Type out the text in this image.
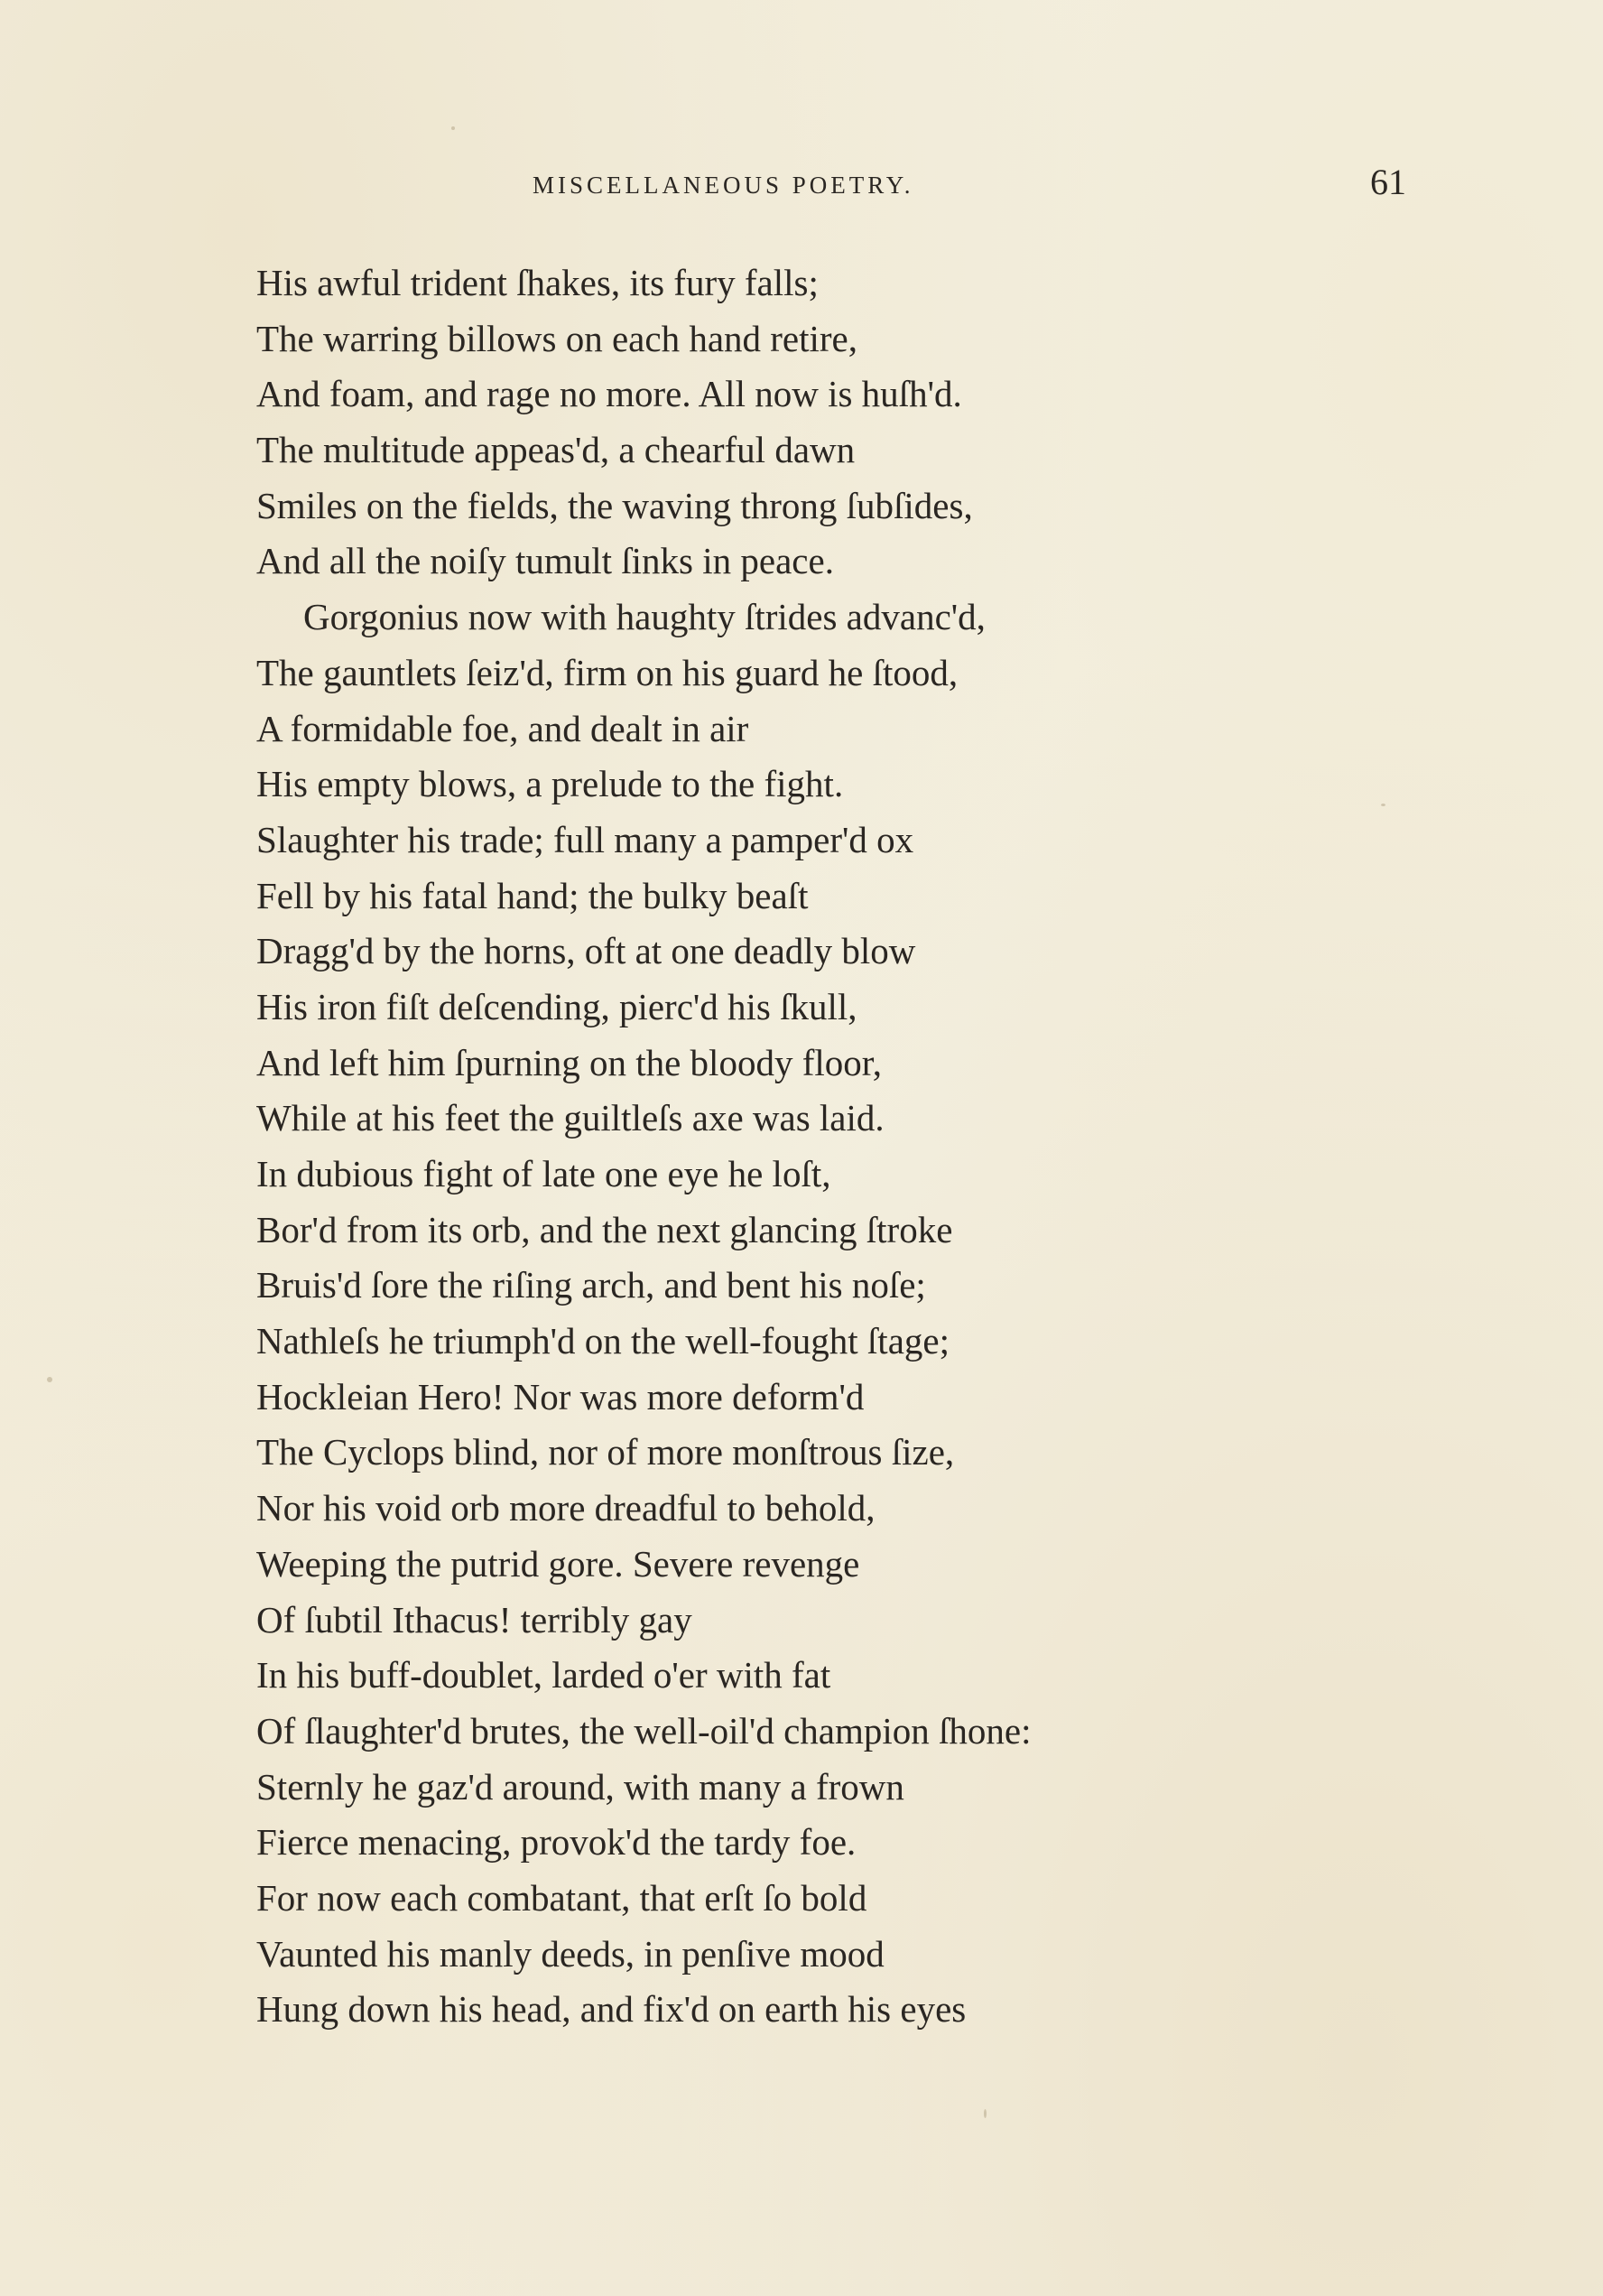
MISCELLANEOUS POETRY.	61
His awful trident ſhakes, its fury falls;
The warring billows on each hand retire,
And foam, and rage no more. All now is huſh'd.
The multitude appeas'd, a chearful dawn
Smiles on the fields, the waving throng ſubſides,
And all the noiſy tumult ſinks in peace.
Gorgonius now with haughty ſtrides advanc'd,
The gauntlets ſeiz'd, firm on his guard he ſtood,
A formidable foe, and dealt in air
His empty blows, a prelude to the fight.
Slaughter his trade; full many a pamper'd ox
Fell by his fatal hand; the bulky beaſt
Dragg'd by the horns, oft at one deadly blow
His iron fiſt deſcending, pierc'd his ſkull,
And left him ſpurning on the bloody floor,
While at his feet the guiltleſs axe was laid.
In dubious fight of late one eye he loſt,
Bor'd from its orb, and the next glancing ſtroke
Bruis'd ſore the riſing arch, and bent his noſe;
Nathleſs he triumph'd on the well-fought ſtage;
Hockleian Hero! Nor was more deform'd
The Cyclops blind, nor of more monſtrous ſize,
Nor his void orb more dreadful to behold,
Weeping the putrid gore. Severe revenge
Of ſubtil Ithacus! terribly gay
In his buff-doublet, larded o'er with fat
Of ſlaughter'd brutes, the well-oil'd champion ſhone:
Sternly he gaz'd around, with many a frown
Fierce menacing, provok'd the tardy foe.
For now each combatant, that erſt ſo bold
Vaunted his manly deeds, in penſive mood
Hung down his head, and fix'd on earth his eyes
